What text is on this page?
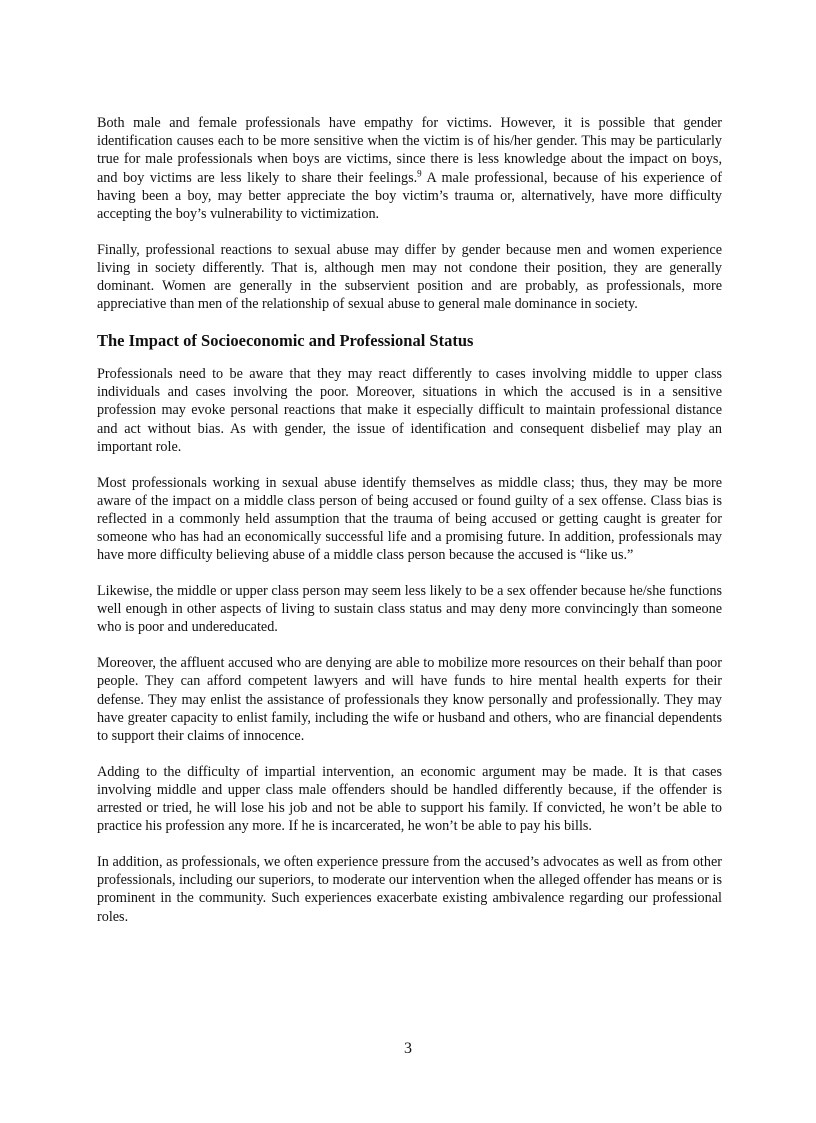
Both male and female professionals have empathy for victims. However, it is possible that gender identification causes each to be more sensitive when the victim is of his/her gender. This may be particularly true for male professionals when boys are victims, since there is less knowledge about the impact on boys, and boy victims are less likely to share their feelings.$^9$ A male professional, because of his experience of having been a boy, may better appreciate the boy victim’s trauma or, alternatively, have more difficulty accepting the boy’s vulnerability to victimization.

Finally, professional reactions to sexual abuse may differ by gender because men and women experience living in society differently. That is, although men may not condone their position, they are generally dominant. Women are generally in the subservient position and are probably, as professionals, more appreciative than men of the relationship of sexual abuse to general male dominance in society.

The Impact of Socioeconomic and Professional Status

Professionals need to be aware that they may react differently to cases involving middle to upper class individuals and cases involving the poor. Moreover, situations in which the accused is in a sensitive profession may evoke personal reactions that make it especially difficult to maintain professional distance and act without bias. As with gender, the issue of identification and consequent disbelief may play an important role.

Most professionals working in sexual abuse identify themselves as middle class; thus, they may be more aware of the impact on a middle class person of being accused or found guilty of a sex offense. Class bias is reflected in a commonly held assumption that the trauma of being accused or getting caught is greater for someone who has had an economically successful life and a promising future. In addition, professionals may have more difficulty believing abuse of a middle class person because the accused is “like us.”

Likewise, the middle or upper class person may seem less likely to be a sex offender because he/she functions well enough in other aspects of living to sustain class status and may deny more convincingly than someone who is poor and undereducated.

Moreover, the affluent accused who are denying are able to mobilize more resources on their behalf than poor people. They can afford competent lawyers and will have funds to hire mental health experts for their defense. They may enlist the assistance of professionals they know personally and professionally. They may have greater capacity to enlist family, including the wife or husband and others, who are financial dependents to support their claims of innocence.

Adding to the difficulty of impartial intervention, an economic argument may be made. It is that cases involving middle and upper class male offenders should be handled differently because, if the offender is arrested or tried, he will lose his job and not be able to support his family. If convicted, he won’t be able to practice his profession any more. If he is incarcerated, he won’t be able to pay his bills.

In addition, as professionals, we often experience pressure from the accused’s advocates as well as from other professionals, including our superiors, to moderate our intervention when the alleged offender has means or is prominent in the community. Such experiences exacerbate existing ambivalence regarding our professional roles.

3
